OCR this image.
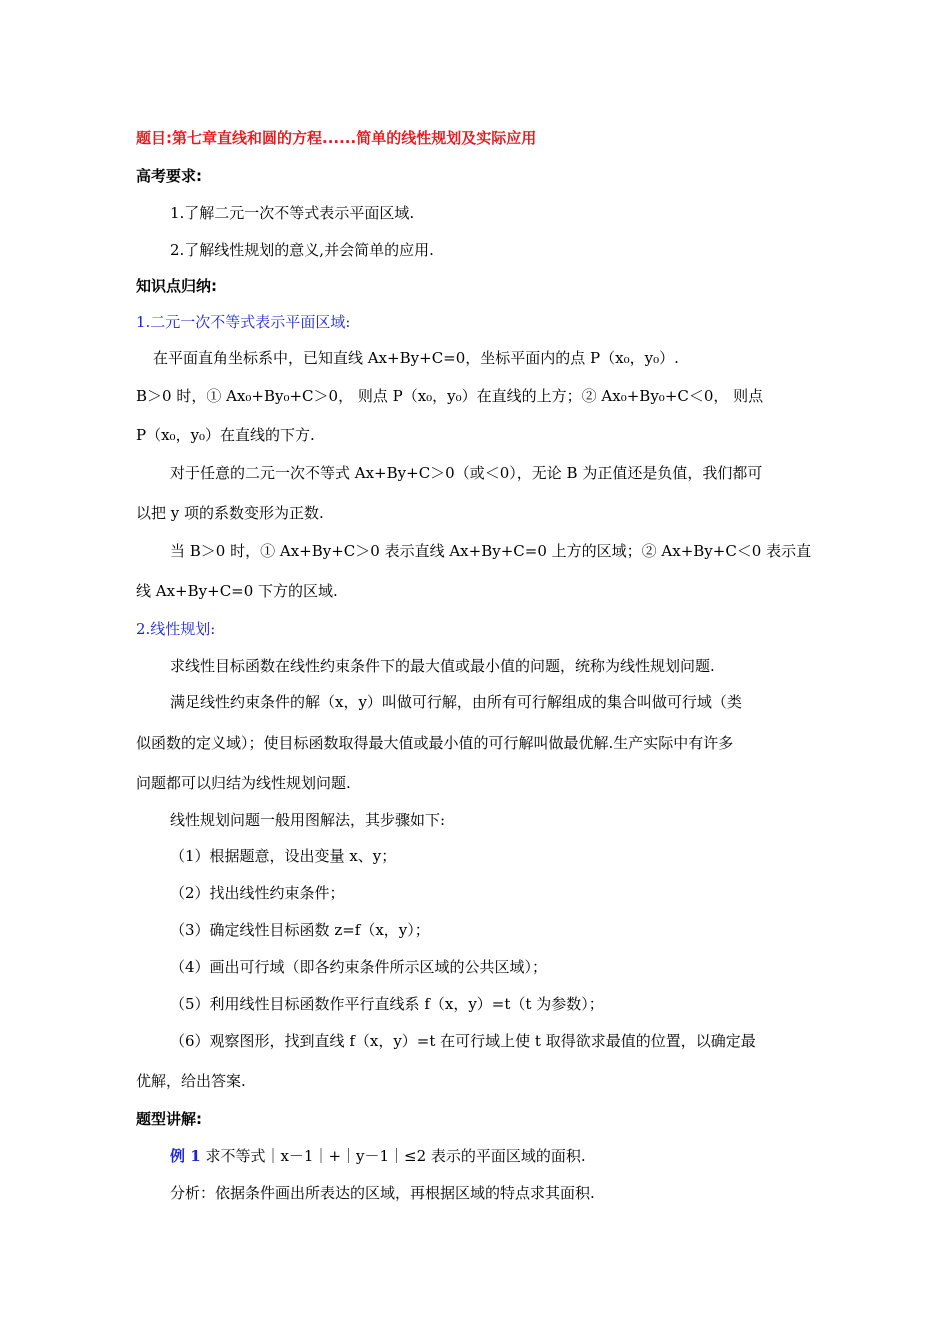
题目:第七章直线和圆的方程......简单的线性规划及实际应用
高考要求:
1.了解二元一次不等式表示平面区域.
2.了解线性规划的意义,并会简单的应用.
知识点归纳:
1.二元一次不等式表示平面区域:
在平面直角坐标系中，已知直线 Ax+By+C=0，坐标平面内的点 P（x₀，y₀）.
B＞0 时，① Ax₀+By₀+C＞0， 则点 P（x₀，y₀）在直线的上方；② Ax₀+By₀+C＜0， 则点
P（x₀，y₀）在直线的下方.
对于任意的二元一次不等式 Ax+By+C＞0（或＜0），无论 B 为正值还是负值，我们都可
以把 y 项的系数变形为正数.
当 B＞0 时，① Ax+By+C＞0 表示直线 Ax+By+C=0 上方的区域；② Ax+By+C＜0 表示直
线 Ax+By+C=0 下方的区域.
2.线性规划:
求线性目标函数在线性约束条件下的最大值或最小值的问题，统称为线性规划问题.
满足线性约束条件的解（x，y）叫做可行解，由所有可行解组成的集合叫做可行域（类
似函数的定义域）；使目标函数取得最大值或最小值的可行解叫做最优解.生产实际中有许多
问题都可以归结为线性规划问题.
线性规划问题一般用图解法，其步骤如下:
（1）根据题意，设出变量 x、y；
（2）找出线性约束条件；
（3）确定线性目标函数 z=f（x，y）；
（4）画出可行域（即各约束条件所示区域的公共区域）；
（5）利用线性目标函数作平行直线系 f（x，y）=t（t 为参数）；
（6）观察图形，找到直线 f（x，y）=t 在可行域上使 t 取得欲求最值的位置，以确定最
优解，给出答案.
题型讲解:
例 1 求不等式｜x－1｜+｜y－1｜≤2 表示的平面区域的面积.
分析：依据条件画出所表达的区域，再根据区域的特点求其面积.
